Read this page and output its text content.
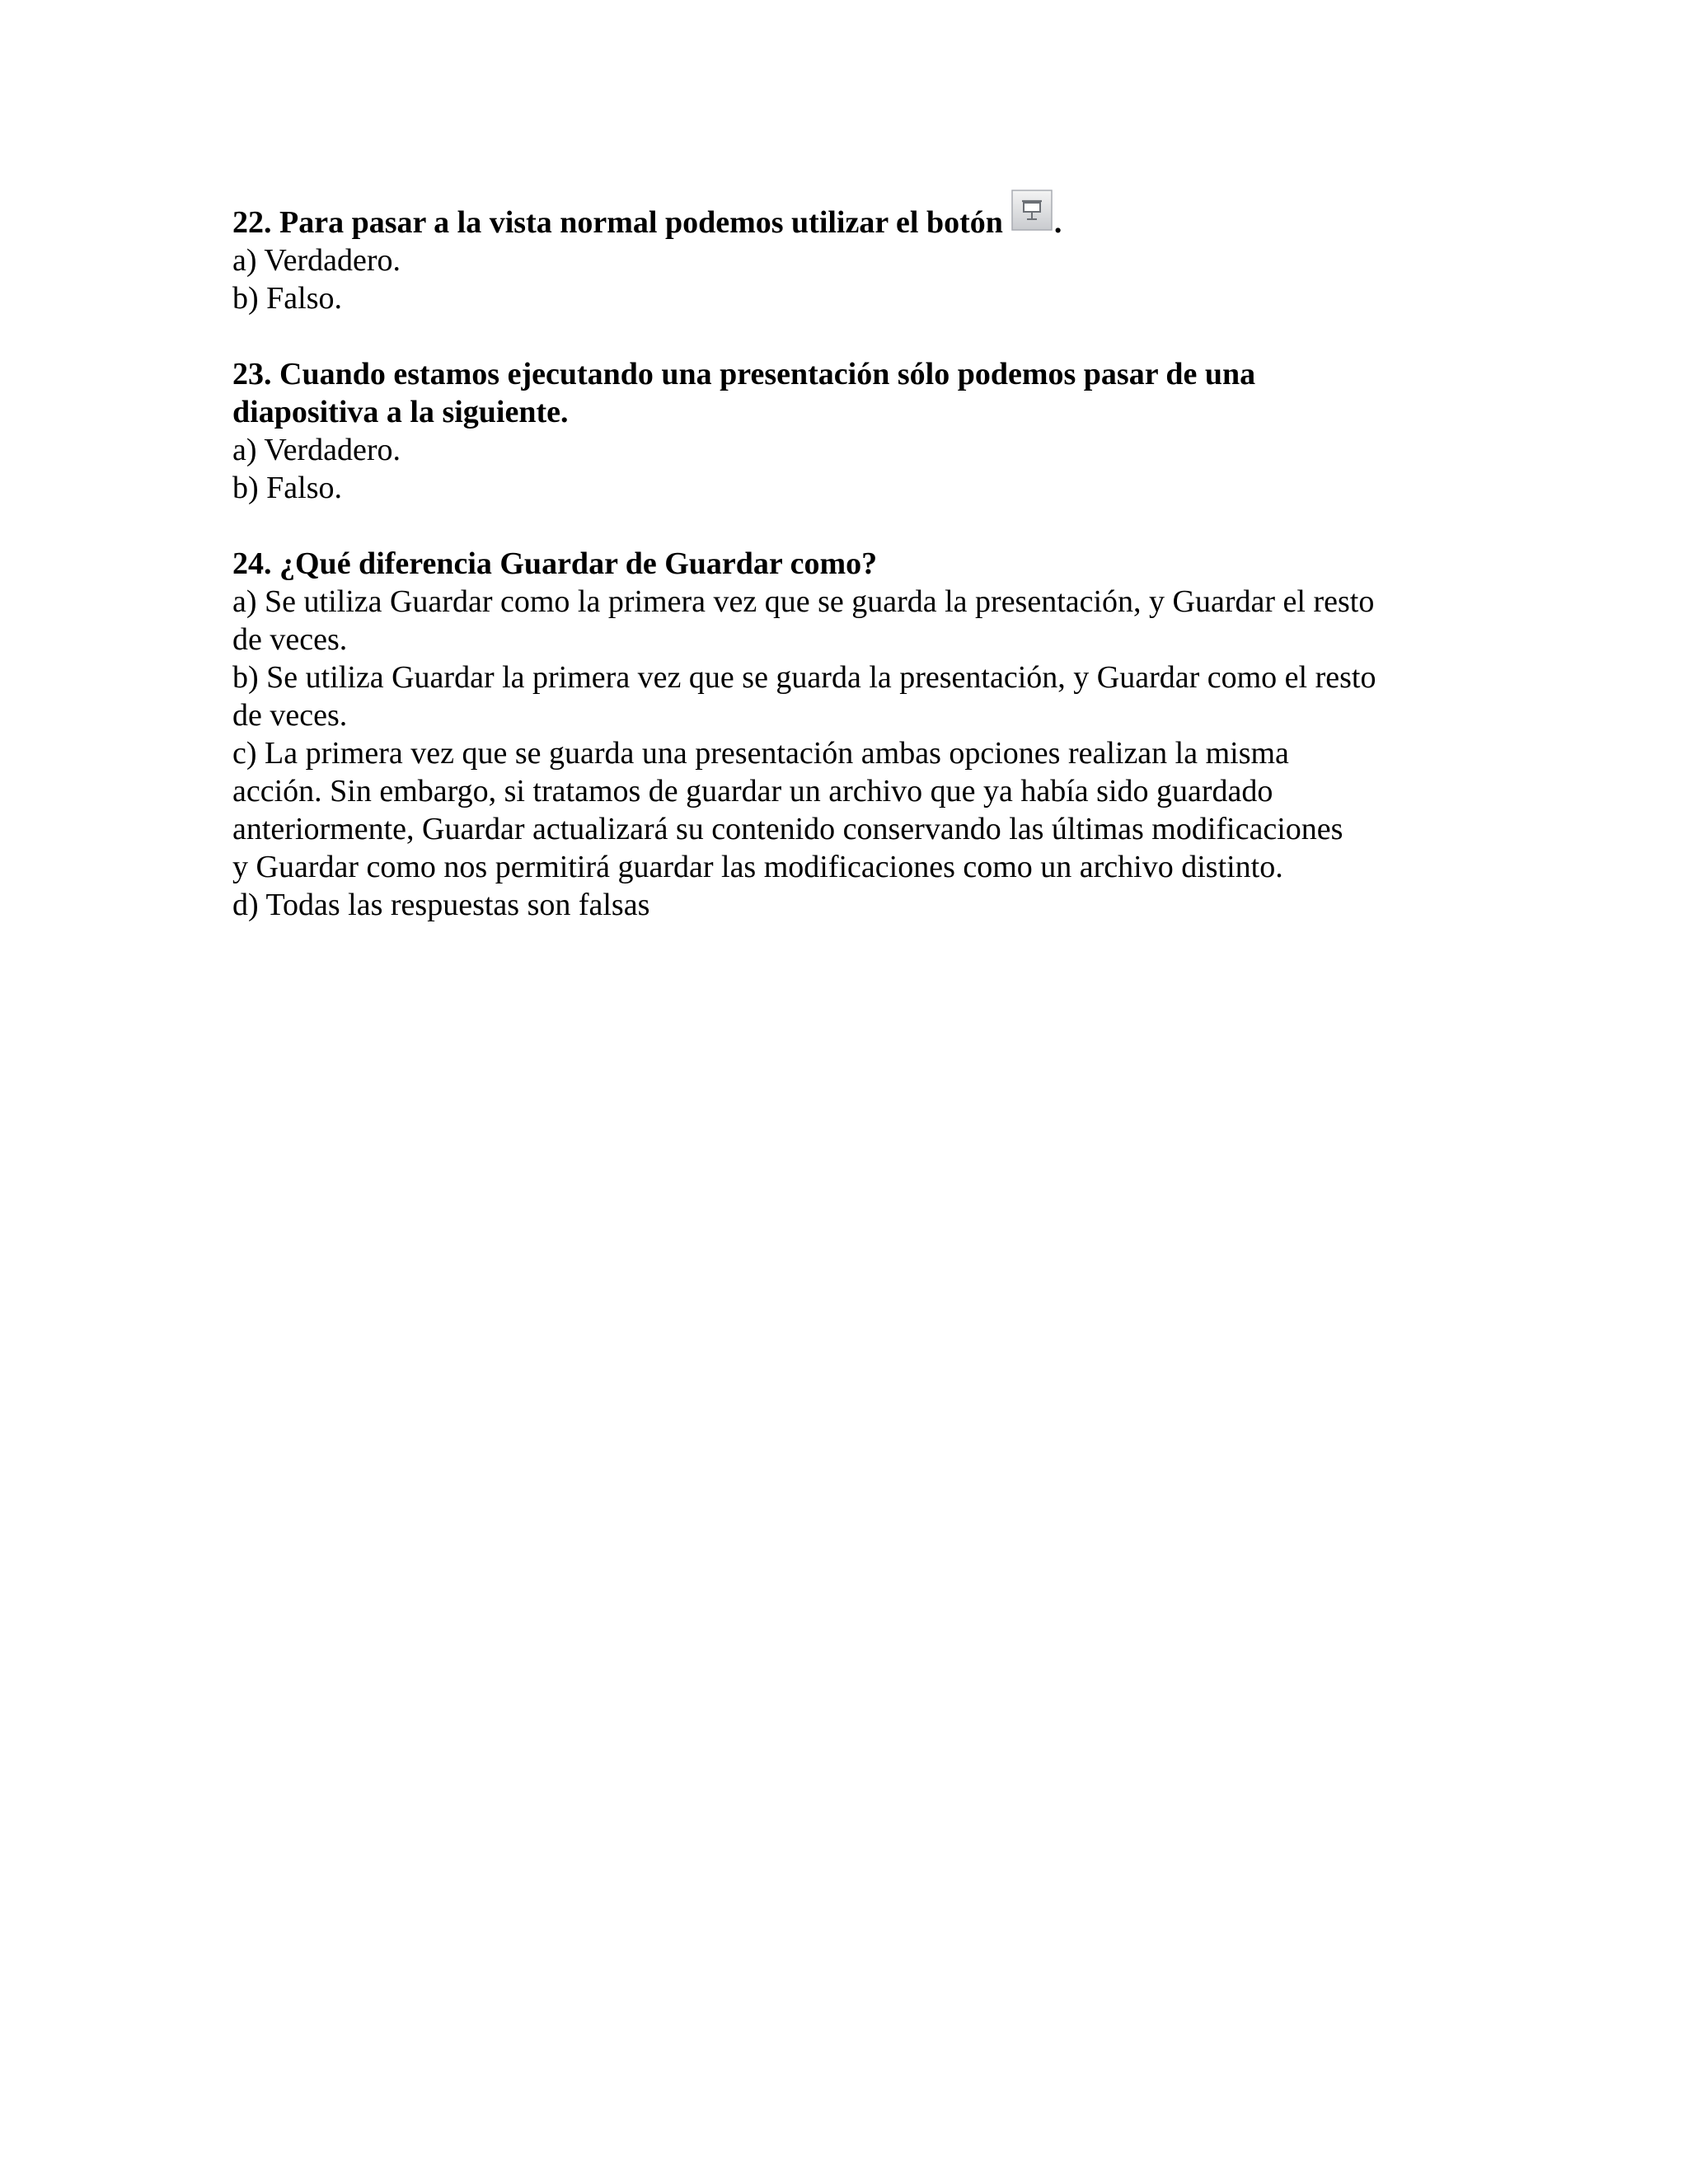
22. Para pasar a la vista normal podemos utilizar el botón .
a) Verdadero.
b) Falso.
23. Cuando estamos ejecutando una presentación sólo podemos pasar de una
diapositiva a la siguiente.
a) Verdadero.
b) Falso.
24. ¿Qué diferencia Guardar de Guardar como?
a) Se utiliza Guardar como la primera vez que se guarda la presentación, y Guardar el resto
de veces.
b) Se utiliza Guardar la primera vez que se guarda la presentación, y Guardar como el resto
de veces.
c) La primera vez que se guarda una presentación ambas opciones realizan la misma
acción. Sin embargo, si tratamos de guardar un archivo que ya había sido guardado
anteriormente, Guardar actualizará su contenido conservando las últimas modificaciones
y Guardar como nos permitirá guardar las modificaciones como un archivo distinto.
d) Todas las respuestas son falsas
